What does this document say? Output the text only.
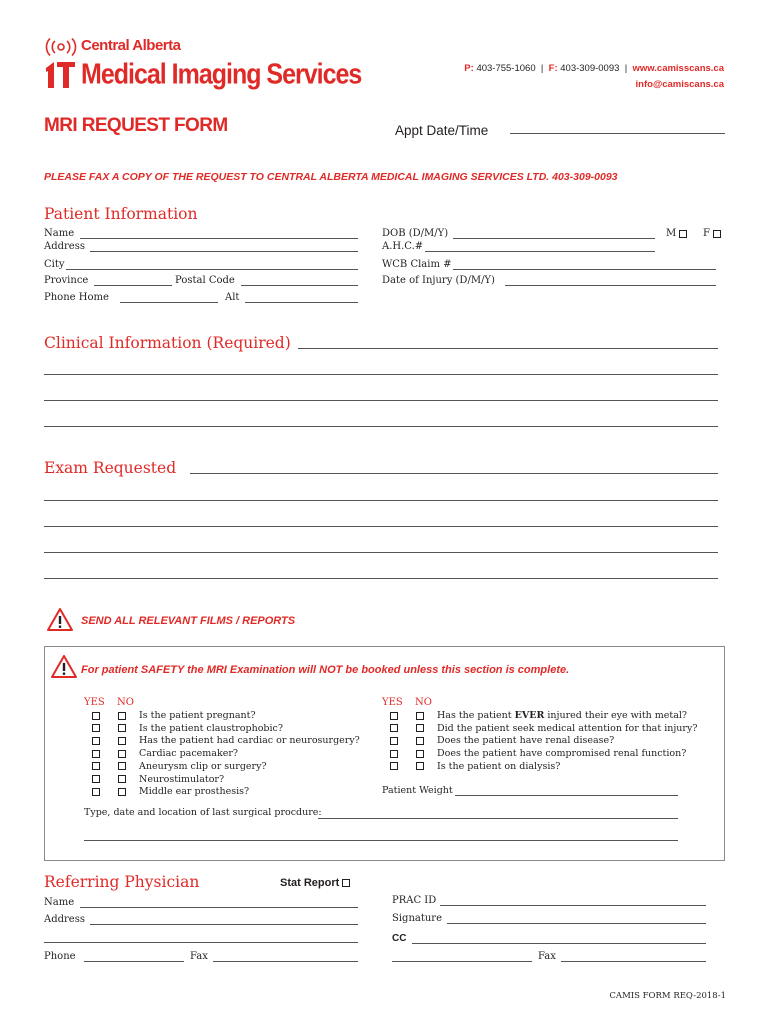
Central Alberta
Medical Imaging Services	P: 403-755-1060 | F: 403-309-0093 | www.camisscans.ca
info@camiscans.ca
MRI REQUEST FORM	Appt Date/Time
PLEASE FAX A COPY OF THE REQUEST TO CENTRAL ALBERTA MEDICAL IMAGING SERVICES LTD. 403-309-0093
Patient Information
Name
Address
City
Province	Postal Code
Phone Home	Alt
DOB (D/M/Y)	M	F
A.H.C.#
WCB Claim #
Date of Injury (D/M/Y)
Clinical Information (Required)
Exam Requested
SEND ALL RELEVANT FILMS / REPORTS
For patient SAFETY the MRI Examination will NOT be booked unless this section is complete.
YES NO	YES NO
Is the patient pregnant?
Is the patient claustrophobic?
Has the patient had cardiac or neurosurgery?
Cardiac pacemaker?
Aneurysm clip or surgery?
Neurostimulator?
Middle ear prosthesis?
Has the patient EVER injured their eye with metal?
Did the patient seek medical attention for that injury?
Does the patient have renal disease?
Does the patient have compromised renal function?
Is the patient on dialysis?
Patient Weight
Type, date and location of last surgical procdure:
Referring Physician	Stat Report
Name
Address
Phone	Fax
PRAC ID
Signature
CC
Fax
CAMIS FORM REQ-2018-1
